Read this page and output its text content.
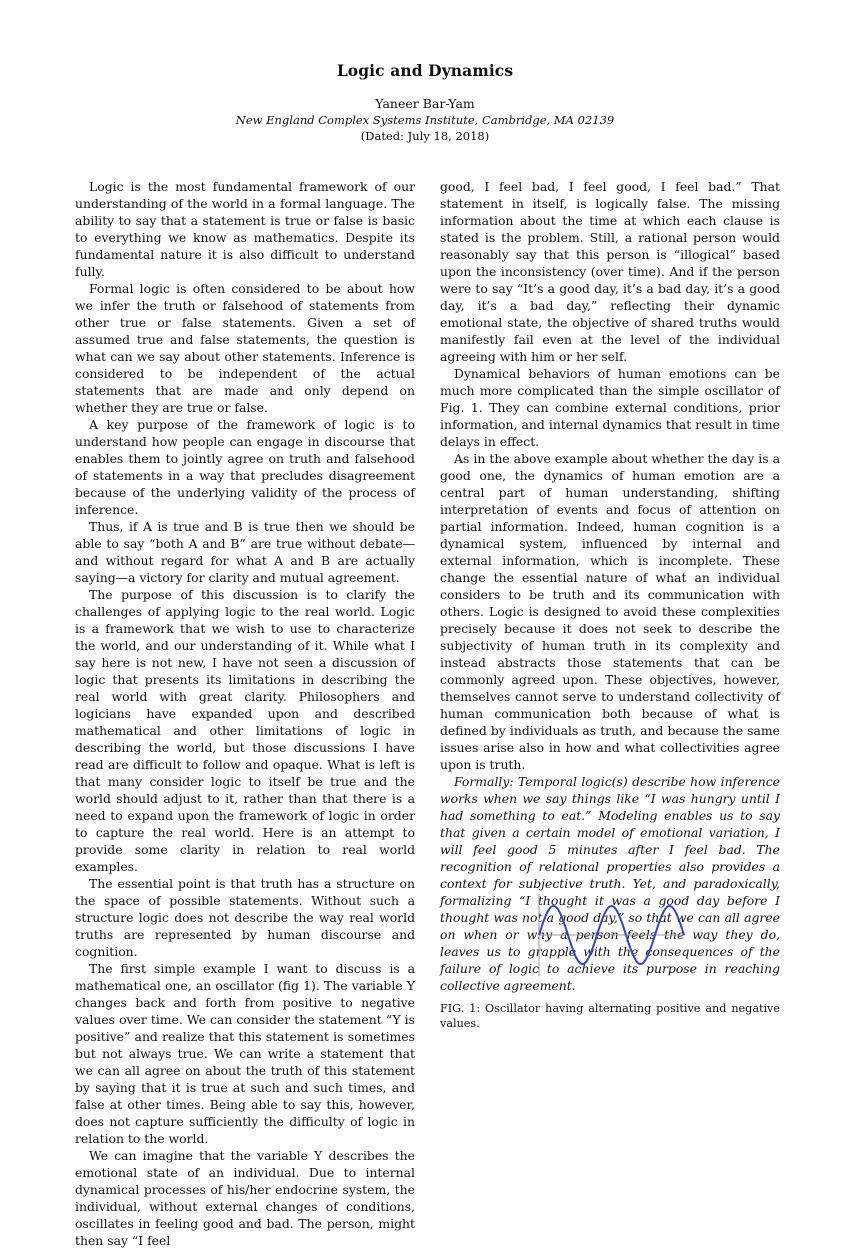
Logic and Dynamics
Yaneer Bar-Yam
New England Complex Systems Institute, Cambridge, MA 02139
(Dated: July 18, 2018)

Logic is the most fundamental framework of our understanding of the world in a formal language. The ability to say that a statement is true or false is basic to everything we know as mathematics. Despite its fundamental nature it is also difficult to understand fully.

Formal logic is often considered to be about how we infer the truth or falsehood of statements from other true or false statements. Given a set of assumed true and false statements, the question is what can we say about other statements. Inference is considered to be independent of the actual statements that are made and only depend on whether they are true or false.

A key purpose of the framework of logic is to understand how people can engage in discourse that enables them to jointly agree on truth and falsehood of statements in a way that precludes disagreement because of the underlying validity of the process of inference.

Thus, if A is true and B is true then we should be able to say “both A and B” are true without debate—and without regard for what A and B are actually saying—a victory for clarity and mutual agreement.

The purpose of this discussion is to clarify the challenges of applying logic to the real world. Logic is a framework that we wish to use to characterize the world, and our understanding of it. While what I say here is not new, I have not seen a discussion of logic that presents its limitations in describing the real world with great clarity. Philosophers and logicians have expanded upon and described mathematical and other limitations of logic in describing the world, but those discussions I have read are difficult to follow and opaque. What is left is that many consider logic to itself be true and the world should adjust to it, rather than that there is a need to expand upon the framework of logic in order to capture the real world. Here is an attempt to provide some clarity in relation to real world examples.

The essential point is that truth has a structure on the space of possible statements. Without such a structure logic does not describe the way real world truths are represented by human discourse and cognition.

The first simple example I want to discuss is a mathematical one, an oscillator (fig 1). The variable Y changes back and forth from positive to negative values over time. We can consider the statement “Y is positive” and realize that this statement is sometimes but not always true. We can write a statement that we can all agree on about the truth of this statement by saying that it is true at such and such times, and false at other times. Being able to say this, however, does not capture sufficiently the difficulty of logic in relation to the world.

We can imagine that the variable Y describes the emotional state of an individual. Due to internal dynamical processes of his/her endocrine system, the individual, without external changes of conditions, oscillates in feeling good and bad. The person, might then say “I feel

good, I feel bad, I feel good, I feel bad.” That statement in itself, is logically false. The missing information about the time at which each clause is stated is the problem. Still, a rational person would reasonably say that this person is “illogical” based upon the inconsistency (over time). And if the person were to say “It’s a good day, it’s a bad day, it’s a good day, it’s a bad day,” reflecting their dynamic emotional state, the objective of shared truths would manifestly fail even at the level of the individual agreeing with him or her self.

Dynamical behaviors of human emotions can be much more complicated than the simple oscillator of Fig. 1. They can combine external conditions, prior information, and internal dynamics that result in time delays in effect.

As in the above example about whether the day is a good one, the dynamics of human emotion are a central part of human understanding, shifting interpretation of events and focus of attention on partial information. Indeed, human cognition is a dynamical system, influenced by internal and external information, which is incomplete. These change the essential nature of what an individual considers to be truth and its communication with others. Logic is designed to avoid these complexities precisely because it does not seek to describe the subjectivity of human truth in its complexity and instead abstracts those statements that can be commonly agreed upon. These objectives, however, themselves cannot serve to understand collectivity of human communication both because of what is defined by individuals as truth, and because the same issues arise also in how and what collectivities agree upon is truth.

Formally: Temporal logic(s) describe how inference works when we say things like “I was hungry until I had something to eat.” Modeling enables us to say that given a certain model of emotional variation, I will feel good 5 minutes after I feel bad. The recognition of relational properties also provides a context for subjective truth. Yet, and paradoxically, formalizing “I thought it was a good day before I thought was not a good day,” so that we can all agree on when or why a person feels the way they do, leaves us to grapple with the consequences of the failure of logic to achieve its purpose in reaching collective agreement.

FIG. 1: Oscillator having alternating positive and negative values.
